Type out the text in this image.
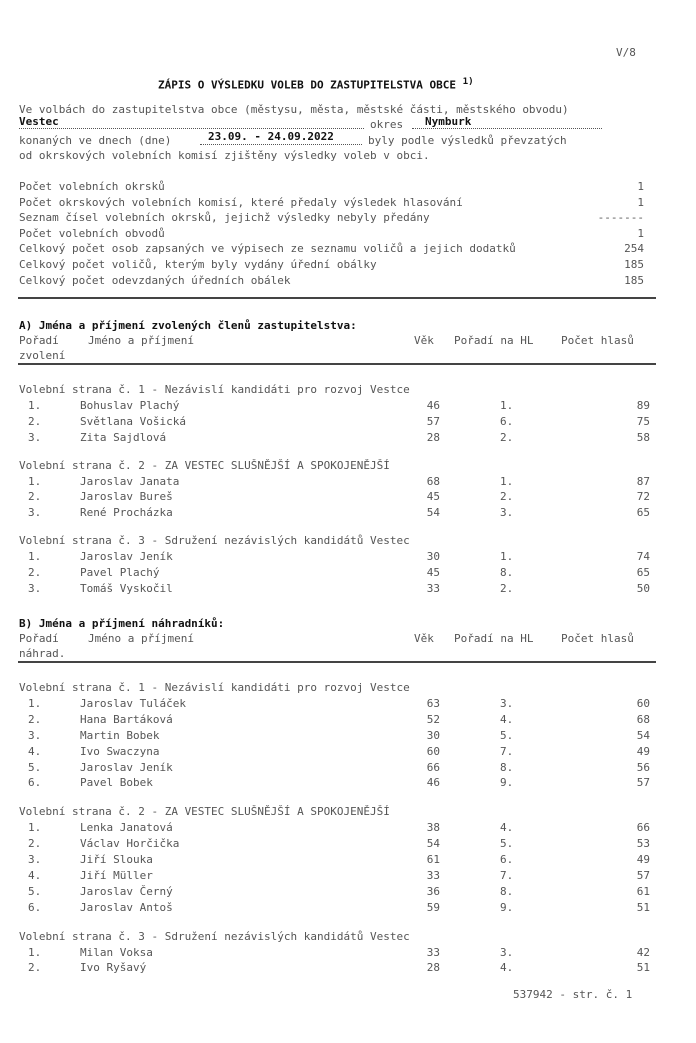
V/8
ZÁPIS O VÝSLEDKU VOLEB DO ZASTUPITELSTVA OBCE $^{1)}$
Ve volbách do zastupitelstva obce (městysu, města, městské části, městského obvodu)
Vestec	okres Nymburk
konaných ve dnech (dne)	23.09. - 24.09.2022	byly podle výsledků převzatých
od okrskových volebních komisí zjištěny výsledky voleb v obci.
Počet volebních okrsků	1
Počet okrskových volebních komisí, které předaly výsledek hlasování	1
Seznam čísel volebních okrsků, jejichž výsledky nebyly předány	-------
Počet volebních obvodů	1
Celkový počet osob zapsaných ve výpisech ze seznamu voličů a jejich dodatků	254
Celkový počet voličů, kterým byly vydány úřední obálky	185
Celkový počet odevzdaných úředních obálek	185
A) Jména a příjmení zvolených členů zastupitelstva:
Pořadí
zvolení
Jméno a příjmení	Věk Pořadí na HL	Počet hlasů
Volební strana č. 1 - Nezávislí kandidáti pro rozvoj Vestce
1.	Bohuslav Plachý	46	1.	89
2.	Světlana Vošická	57	6.	75
3.	Zita Sajdlová	28	2.	58
Volební strana č. 2 - ZA VESTEC SLUŠNĚJŠÍ A SPOKOJENĚJŠÍ
1.	Jaroslav Janata	68	1.	87
2.	Jaroslav Bureš	45	2.	72
3.	René Procházka	54	3.	65
Volební strana č. 3 - Sdružení nezávislých kandidátů Vestec
1.	Jaroslav Jeník	30	1.	74
2.	Pavel Plachý	45	8.	65
3.	Tomáš Vyskočil	33	2.	50
B) Jména a příjmení náhradníků:
Pořadí
náhrad.
Jméno a příjmení	Věk Pořadí na HL	Počet hlasů
Volební strana č. 1 - Nezávislí kandidáti pro rozvoj Vestce
1.	Jaroslav Tuláček	63	3.	60
2.	Hana Bartáková	52	4.	68
3.	Martin Bobek	30	5.	54
4.	Ivo Swaczyna	60	7.	49
5.	Jaroslav Jeník	66	8.	56
6.	Pavel Bobek	46	9.	57
Volební strana č. 2 - ZA VESTEC SLUŠNĚJŠÍ A SPOKOJENĚJŠÍ
1.	Lenka Janatová	38	4.	66
2.	Václav Horčička	54	5.	53
3.	Jiří Slouka	61	6.	49
4.	Jiří Müller	33	7.	57
5.	Jaroslav Černý	36	8.	61
6.	Jaroslav Antoš	59	9.	51
Volební strana č. 3 - Sdružení nezávislých kandidátů Vestec
1.	Milan Voksa	33	3.	42
2.	Ivo Ryšavý	28	4.	51
537942 - str. č. 1
